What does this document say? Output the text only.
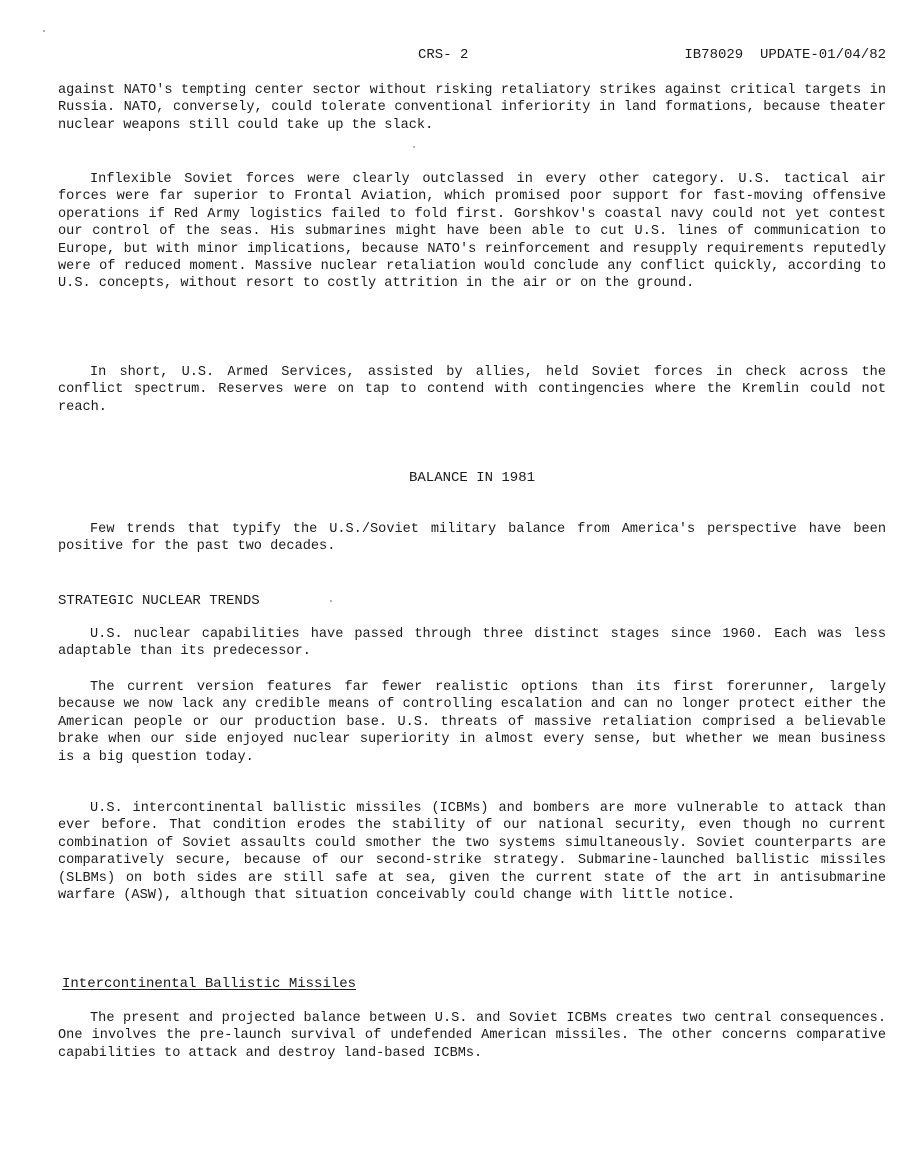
CRS- 2	IB78029  UPDATE-01/04/82

against NATO's tempting center sector without risking retaliatory strikes against critical targets in Russia. NATO, conversely, could tolerate conventional inferiority in land formations, because theater nuclear weapons still could take up the slack.

Inflexible Soviet forces were clearly outclassed in every other category. U.S. tactical air forces were far superior to Frontal Aviation, which promised poor support for fast-moving offensive operations if Red Army logistics failed to fold first. Gorshkov's coastal navy could not yet contest our control of the seas. His submarines might have been able to cut U.S. lines of communication to Europe, but with minor implications, because NATO's reinforcement and resupply requirements reputedly were of reduced moment. Massive nuclear retaliation would conclude any conflict quickly, according to U.S. concepts, without resort to costly attrition in the air or on the ground.

In short, U.S. Armed Services, assisted by allies, held Soviet forces in check across the conflict spectrum. Reserves were on tap to contend with contingencies where the Kremlin could not reach.

BALANCE IN 1981

Few trends that typify the U.S./Soviet military balance from America's perspective have been positive for the past two decades.

STRATEGIC NUCLEAR TRENDS

U.S. nuclear capabilities have passed through three distinct stages since 1960. Each was less adaptable than its predecessor.

The current version features far fewer realistic options than its first forerunner, largely because we now lack any credible means of controlling escalation and can no longer protect either the American people or our production base. U.S. threats of massive retaliation comprised a believable brake when our side enjoyed nuclear superiority in almost every sense, but whether we mean business is a big question today.

U.S. intercontinental ballistic missiles (ICBMs) and bombers are more vulnerable to attack than ever before. That condition erodes the stability of our national security, even though no current combination of Soviet assaults could smother the two systems simultaneously. Soviet counterparts are comparatively secure, because of our second-strike strategy. Submarine-launched ballistic missiles (SLBMs) on both sides are still safe at sea, given the current state of the art in antisubmarine warfare (ASW), although that situation conceivably could change with little notice.

Intercontinental Ballistic Missiles

The present and projected balance between U.S. and Soviet ICBMs creates two central consequences. One involves the pre-launch survival of undefended American missiles. The other concerns comparative capabilities to attack and destroy land-based ICBMs.
